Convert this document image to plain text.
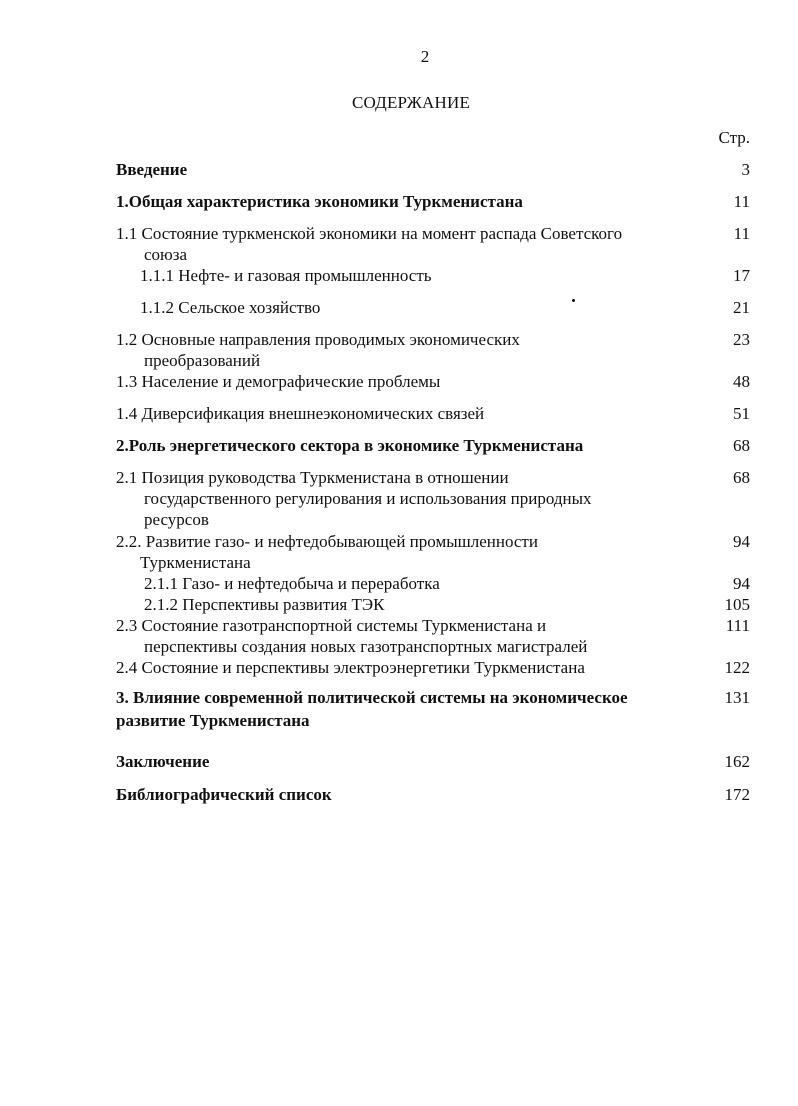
2
СОДЕРЖАНИЕ
Стр.
Введение	3
1.Общая характеристика экономики Туркменистана	11
1.1 Состояние туркменской экономики на момент распада Советского	11
союза
1.1.1 Нефте- и газовая промышленность	17
1.1.2 Сельское хозяйство	21
1.2 Основные направления проводимых экономических	23
преобразований
1.3 Население и демографические проблемы	48
1.4 Диверсификация внешнеэкономических связей	51
2.Роль энергетического сектора в экономике Туркменистана	68
2.1 Позиция руководства Туркменистана в отношении	68
государственного регулирования и использования природных
ресурсов
2.2. Развитие газо- и нефтедобывающей промышленности	94
Туркменистана
2.1.1 Газо- и нефтедобыча и переработка	94
2.1.2 Перспективы развития ТЭК	105
2.3 Состояние газотранспортной системы Туркменистана и	111
перспективы создания новых газотранспортных магистралей
2.4 Состояние и перспективы электроэнергетики Туркменистана	122
3. Влияние современной политической системы на экономическое	131
развитие Туркменистана
Заключение	162
Библиографический список	172
